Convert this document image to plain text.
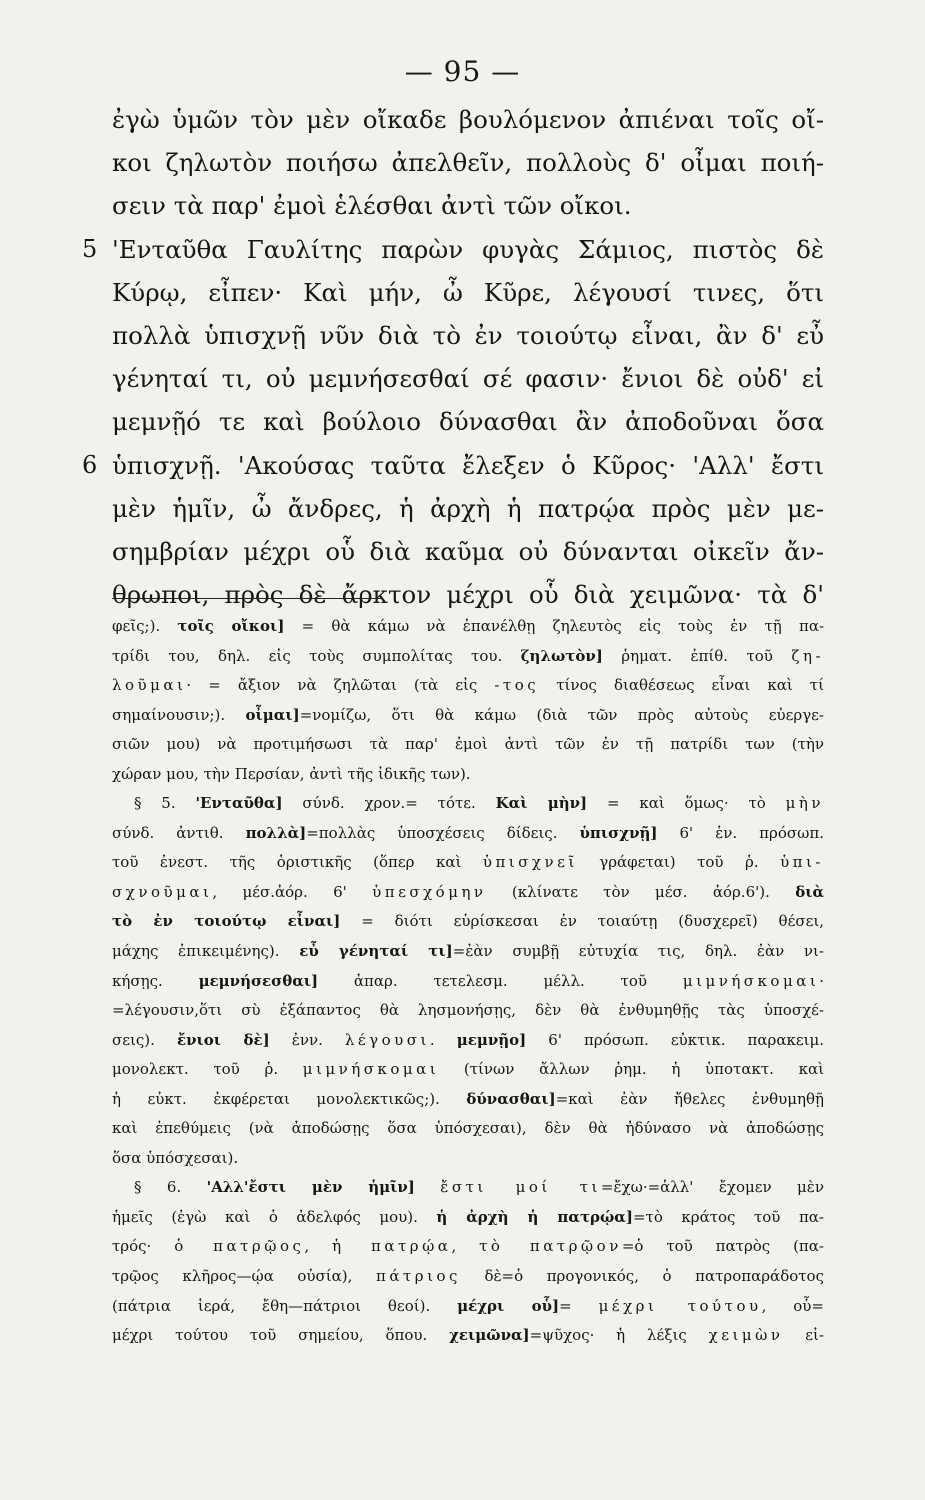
— 95 —
ἐγὼ ὑμῶν τὸν μὲν οἴκαδε βουλόμενον ἀπιέναι τοῖς οἴ-
κοι ζηλωτὸν ποιήσω ἀπελθεῖν, πολλοὺς δ' οἶμαι ποιή-
σειν τὰ παρ' ἐμοὶ ἑλέσθαι ἀντὶ τῶν οἴκοι.
5 'Ενταῦθα Γαυλίτης παρὼν φυγὰς Σάμιος, πιστὸς δὲ
Κύρῳ, εἶπεν· Καὶ μήν, ὦ Κῦρε, λέγουσί τινες, ὅτι
πολλὰ ὑπισχνῇ νῦν διὰ τὸ ἐν τοιούτῳ εἶναι, ἂν δ' εὖ
γένηταί τι, οὐ μεμνήσεσθαί σέ φασιν· ἔνιοι δὲ οὐδ' εἰ
μεμνῇό τε καὶ βούλοιο δύνασθαι ἂν ἀποδοῦναι ὅσα
6 ὑπισχνῇ. 'Ακούσας ταῦτα ἔλεξεν ὁ Κῦρος· 'Αλλ' ἔστι
μὲν ἡμῖν, ὦ ἄνδρες, ἡ ἀρχὴ ἡ πατρῴα πρὸς μὲν με-
σημβρίαν μέχρι οὗ διὰ καῦμα οὐ δύνανται οἰκεῖν ἄν-
θρωποι, πρὸς δὲ ἄρκτον μέχρι οὗ διὰ χειμῶνα· τὰ δ'
φεῖς;). τοῖς οἴκοι] = θὰ κάμω νὰ ἐπανέλθῃ ζηλευτὸς εἰς τοὺς ἐν τῇ πα-
τρίδι του, δηλ. εἰς τοὺς συμπολίτας του. ζηλωτὸν] ῥηματ. ἐπίθ. τοῦ ζη-
λοῦμαι· = ἄξιον νὰ ζηλῶται (τὰ εἰς -τος τίνος διαθέσεως εἶναι καὶ τί
σημαίνουσιν;). οἶμαι]=νομίζω, ὅτι θὰ κάμω (διὰ τῶν πρὸς αὐτοὺς εὐεργε-
σιῶν μου) νὰ προτιμήσωσι τὰ παρ' ἐμοὶ ἀντὶ τῶν ἐν τῇ πατρίδι των (τὴν
χώραν μου, τὴν Περσίαν, ἀντὶ τῆς ἰδικῆς των).
§ 5. 'Ενταῦθα] σύνδ. χρον.= τότε. Καὶ μὴν] = καὶ ὅμως· τὸ μὴν
σύνδ. ἀντιθ. πολλὰ]=πολλὰς ὑποσχέσεις δίδεις. ὑπισχνῇ] 6' ἑν. πρόσωπ.
τοῦ ἐνεστ. τῆς ὁριστικῆς (ὅπερ καὶ ὑπισχνεῖ γράφεται) τοῦ ῥ. ὑπι-
σχνοῦμαι, μέσ.ἀόρ. 6' ὑπεσχόμην (κλίνατε τὸν μέσ. ἀόρ.6'). διὰ
τὸ ἐν τοιούτῳ εἶναι] = διότι εὑρίσκεσαι ἐν τοιαύτῃ (δυσχερεῖ) θέσει,
μάχης ἐπικειμένης). εὖ γένηταί τι]=ἐὰν συμβῇ εὐτυχία τις, δηλ. ἐὰν νι-
κήσῃς. μεμνήσεσθαι] ἀπαρ. τετελεσμ. μέλλ. τοῦ μιμνήσκομαι·
=λέγουσιν,ὅτι σὺ ἐξάπαντος θὰ λησμονήσῃς, δὲν θὰ ἐνθυμηθῇς τὰς ὑποσχέ-
σεις). ἔνιοι δὲ] ἐνν. λέγουσι. μεμνῇο] 6' πρόσωπ. εὐκτικ. παρακειμ.
μονολεκτ. τοῦ ῥ. μιμνήσκομαι (τίνων ἄλλων ῥημ. ἡ ὑποτακτ. καὶ
ἡ εὐκτ. ἐκφέρεται μονολεκτικῶς;). δύνασθαι]=καὶ ἐὰν ἤθελες ἐνθυμηθῇ
καὶ ἐπεθύμεις (νὰ ἀποδώσῃς ὅσα ὑπόσχεσαι), δὲν θὰ ἠδύνασο νὰ ἀποδώσῃς
ὅσα ὑπόσχεσαι).
§ 6. 'Αλλ'ἔστι μὲν ἡμῖν] ἔστι μοί τι=ἔχω·=ἀλλ' ἔχομεν μὲν
ἡμεῖς (ἐγὼ καὶ ὁ ἀδελφός μου). ἡ ἀρχὴ ἡ πατρῴα]=τὸ κράτος τοῦ πα-
τρός· ὁ πατρῷος, ἡ πατρῴα, τὸ πατρῷον=ὁ τοῦ πατρὸς (πα-
τρῷος κλῆρος—ῴα οὐσία), πάτριος δὲ=ὁ προγονικός, ὁ πατροπαράδοτος
(πάτρια ἱερά, ἔθη—πάτριοι θεοί). μέχρι οὗ]= μέχρι τούτου, οὗ=
μέχρι τούτου τοῦ σημείου, ὅπου. χειμῶνα]=ψῦχος· ἡ λέξις χειμὼν εἰ-
